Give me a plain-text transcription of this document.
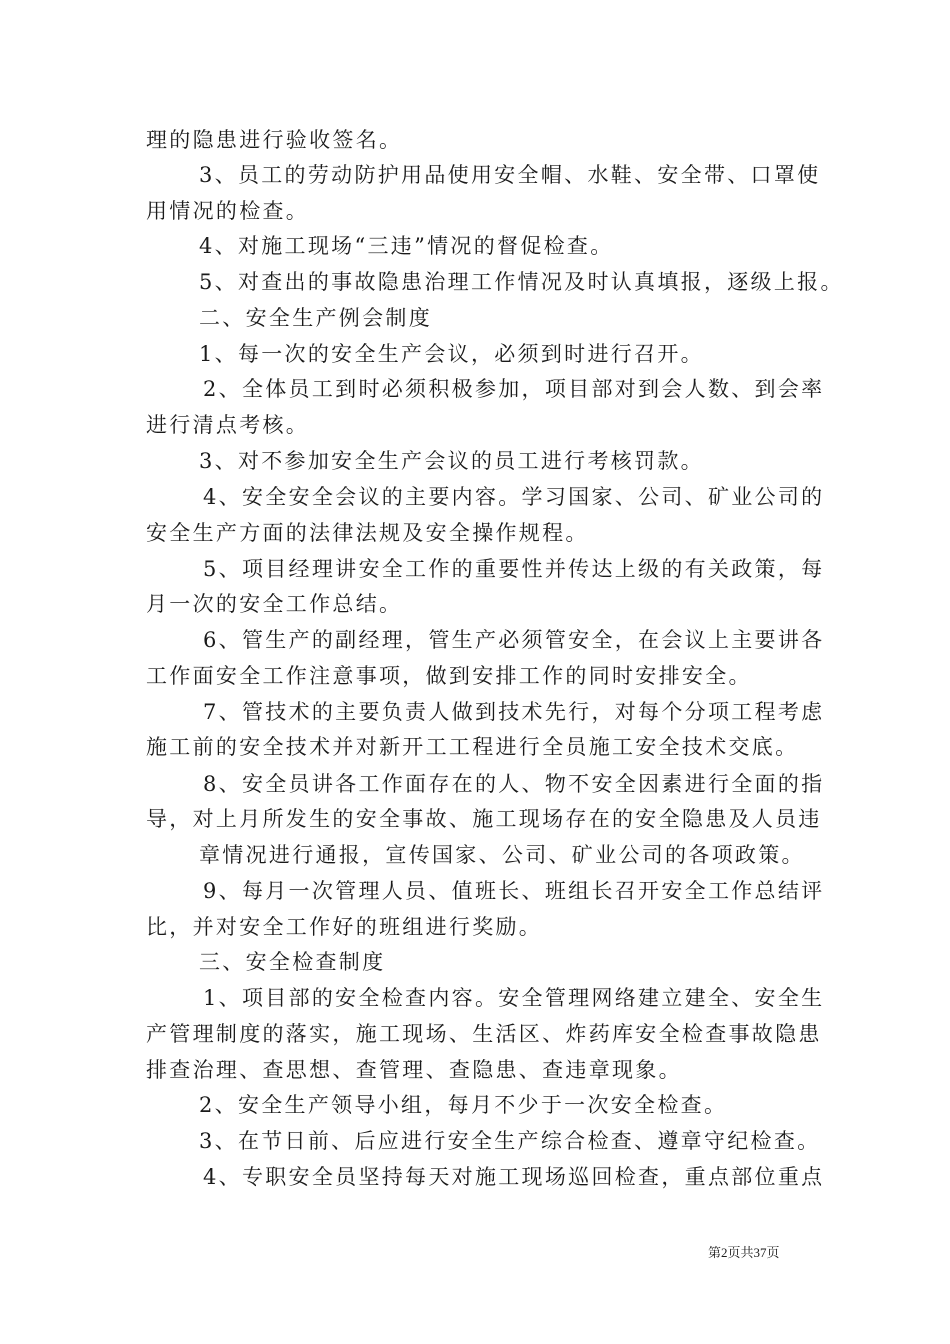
理的隐患进行验收签名。
3、员工的劳动防护用品使用安全帽、水鞋、安全带、口罩使
用情况的检查。
4、对施工现场“三违”情况的督促检查。
5、对查出的事故隐患治理工作情况及时认真填报，逐级上报。
二、安全生产例会制度
1、每一次的安全生产会议，必须到时进行召开。
2、全体员工到时必须积极参加，项目部对到会人数、到会率
进行清点考核。
3、对不参加安全生产会议的员工进行考核罚款。
4、安全安全会议的主要内容。学习国家、公司、矿业公司的
安全生产方面的法律法规及安全操作规程。
5、项目经理讲安全工作的重要性并传达上级的有关政策，每
月一次的安全工作总结。
6、管生产的副经理，管生产必须管安全，在会议上主要讲各
工作面安全工作注意事项，做到安排工作的同时安排安全。
7、管技术的主要负责人做到技术先行，对每个分项工程考虑
施工前的安全技术并对新开工工程进行全员施工安全技术交底。
8、安全员讲各工作面存在的人、物不安全因素进行全面的指
导，对上月所发生的安全事故、施工现场存在的安全隐患及人员违
章情况进行通报，宣传国家、公司、矿业公司的各项政策。
9、每月一次管理人员、值班长、班组长召开安全工作总结评
比，并对安全工作好的班组进行奖励。
三、安全检查制度
1、项目部的安全检查内容。安全管理网络建立建全、安全生
产管理制度的落实，施工现场、生活区、炸药库安全检查事故隐患
排查治理、查思想、查管理、查隐患、查违章现象。
2、安全生产领导小组，每月不少于一次安全检查。
3、在节日前、后应进行安全生产综合检查、遵章守纪检查。
4、专职安全员坚持每天对施工现场巡回检查，重点部位重点
第2页共37页
